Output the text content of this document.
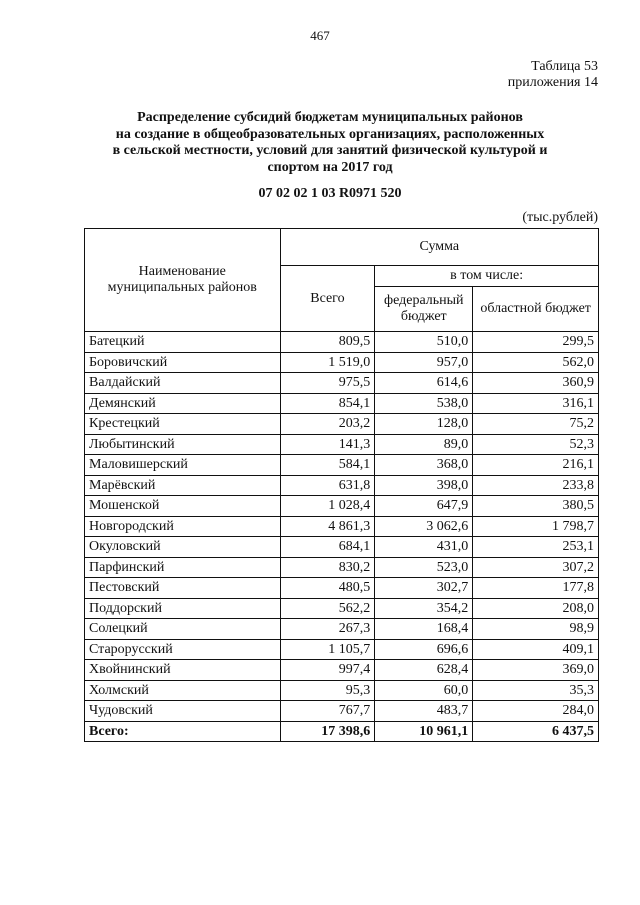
467
Таблица 53
приложения 14
Распределение субсидий бюджетам муниципальных районов
на создание в общеобразовательных организациях, расположенных
в сельской местности, условий для занятий физической культурой и
спортом на 2017 год
07 02 02 1 03 R0971 520
(тыс.рублей)
Наименование муниципальных районов	Сумма		
	Всего	в том числе:	
		федеральный бюджет	областной бюджет
Батецкий	809,5	510,0	299,5
Боровичский	1 519,0	957,0	562,0
Валдайский	975,5	614,6	360,9
Демянский	854,1	538,0	316,1
Крестецкий	203,2	128,0	75,2
Любытинский	141,3	89,0	52,3
Маловишерский	584,1	368,0	216,1
Марёвский	631,8	398,0	233,8
Мошенской	1 028,4	647,9	380,5
Новгородский	4 861,3	3 062,6	1 798,7
Окуловский	684,1	431,0	253,1
Парфинский	830,2	523,0	307,2
Пестовский	480,5	302,7	177,8
Поддорский	562,2	354,2	208,0
Солецкий	267,3	168,4	98,9
Старорусский	1 105,7	696,6	409,1
Хвойнинский	997,4	628,4	369,0
Холмский	95,3	60,0	35,3
Чудовский	767,7	483,7	284,0
Всего:	17 398,6	10 961,1	6 437,5
